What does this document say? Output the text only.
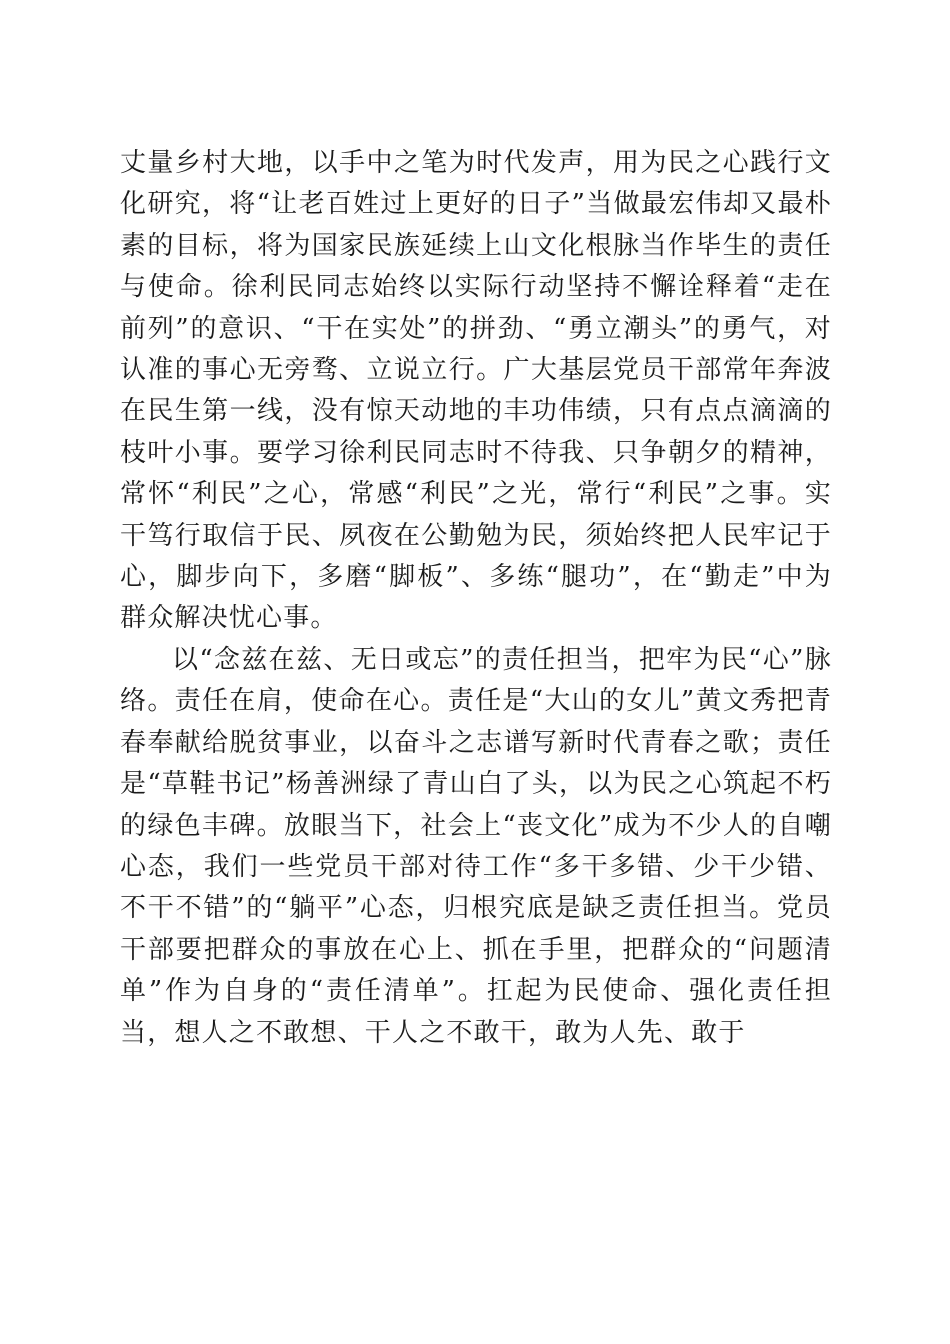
丈量乡村大地，以手中之笔为时代发声，用为民之心践行文化研究，将“让老百姓过上更好的日子”当做最宏伟却又最朴素的目标，将为国家民族延续上山文化根脉当作毕生的责任与使命。徐利民同志始终以实际行动坚持不懈诠释着“走在前列”的意识、“干在实处”的拼劲、“勇立潮头”的勇气，对认准的事心无旁骛、立说立行。广大基层党员干部常年奔波在民生第一线，没有惊天动地的丰功伟绩，只有点点滴滴的枝叶小事。要学习徐利民同志时不待我、只争朝夕的精神，常怀“利民”之心，常感“利民”之光，常行“利民”之事。实干笃行取信于民、夙夜在公勤勉为民，须始终把人民牢记于心，脚步向下，多磨“脚板”、多练“腿功”，在“勤走”中为群众解决忧心事。

以“念兹在兹、无日或忘”的责任担当，把牢为民“心”脉络。责任在肩，使命在心。责任是“大山的女儿”黄文秀把青春奉献给脱贫事业，以奋斗之志谱写新时代青春之歌；责任是“草鞋书记”杨善洲绿了青山白了头，以为民之心筑起不朽的绿色丰碑。放眼当下，社会上“丧文化”成为不少人的自嘲心态，我们一些党员干部对待工作“多干多错、少干少错、不干不错”的“躺平”心态，归根究底是缺乏责任担当。党员干部要把群众的事放在心上、抓在手里，把群众的“问题清单”作为自身的“责任清单”。扛起为民使命、强化责任担当，想人之不敢想、干人之不敢干，敢为人先、敢于
